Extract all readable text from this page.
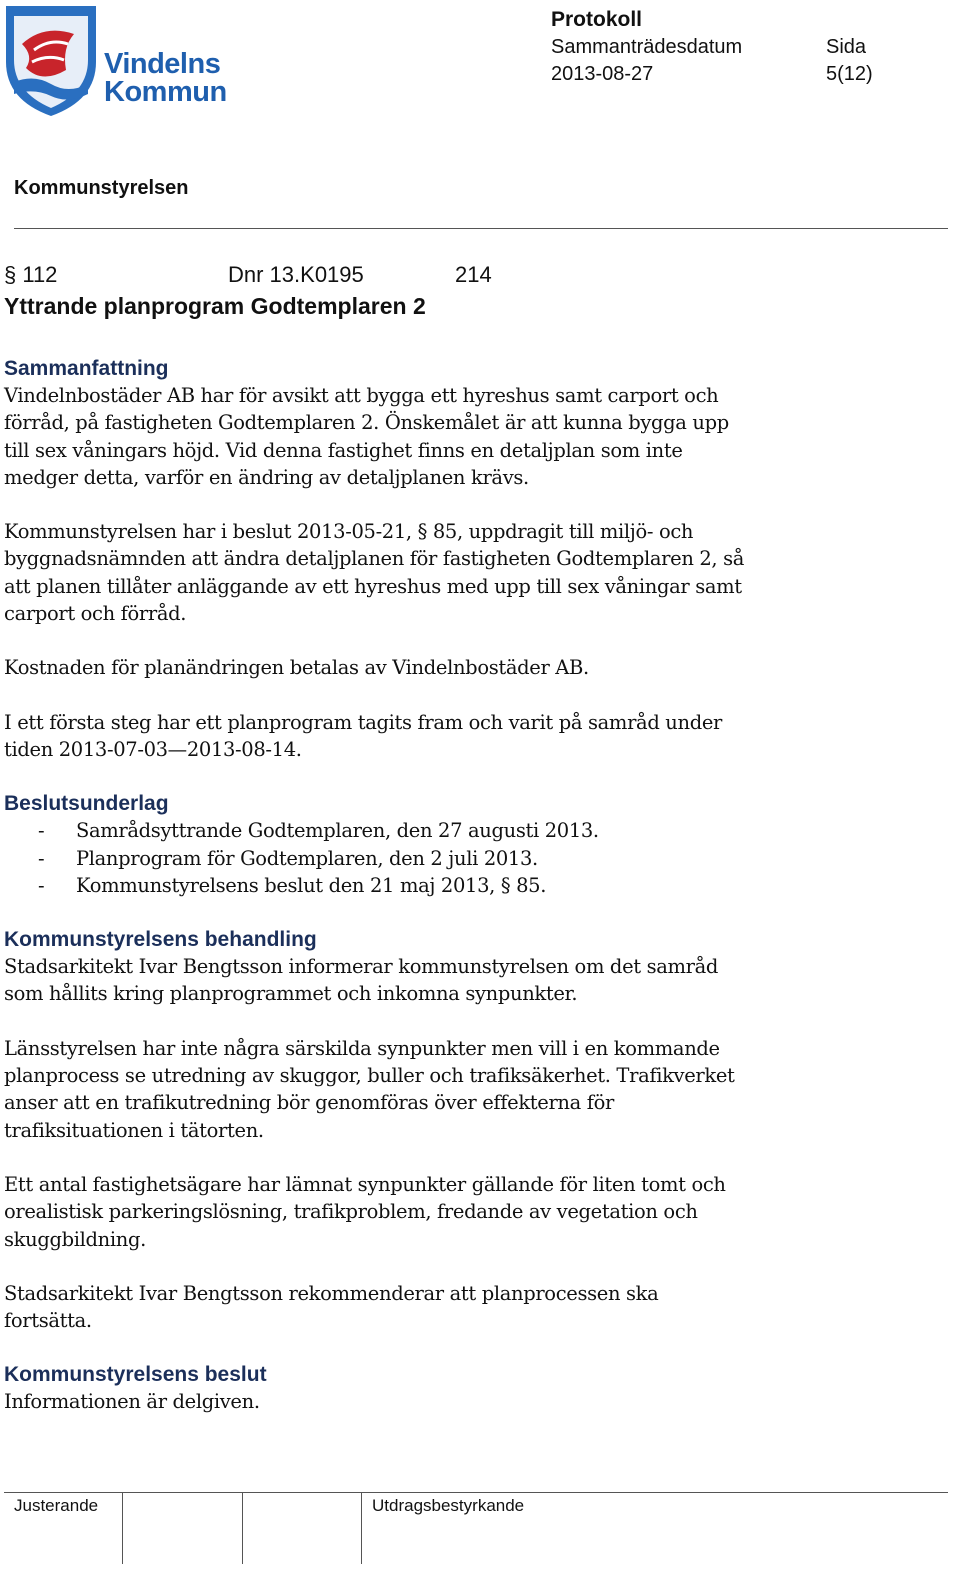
Vindelns
Kommun
Protokoll
Sammanträdesdatum
2013-08-27
Sida
5(12)
Kommunstyrelsen
§ 112	Dnr 13.K0195	214
Yttrande planprogram Godtemplaren 2

Sammanfattning

Vindelnbostäder AB har för avsikt att bygga ett hyreshus samt carport och

förråd, på fastigheten Godtemplaren 2. Önskemålet är att kunna bygga upp

till sex våningars höjd. Vid denna fastighet finns en detaljplan som inte

medger detta, varför en ändring av detaljplanen krävs.

Kommunstyrelsen har i beslut 2013-05-21, § 85, uppdragit till miljö- och

byggnadsnämnden att ändra detaljplanen för fastigheten Godtemplaren 2, så

att planen tillåter anläggande av ett hyreshus med upp till sex våningar samt

carport och förråd.

Kostnaden för planändringen betalas av Vindelnbostäder AB.

I ett första steg har ett planprogram tagits fram och varit på samråd under

tiden 2013-07-03—2013-08-14.

Beslutsunderlag

- Samrådsyttrande Godtemplaren, den 27 augusti 2013.
- Planprogram för Godtemplaren, den 2 juli 2013.
- Kommunstyrelsens beslut den 21 maj 2013, § 85.

Kommunstyrelsens behandling

Stadsarkitekt Ivar Bengtsson informerar kommunstyrelsen om det samråd

som hållits kring planprogrammet och inkomna synpunkter.

Länsstyrelsen har inte några särskilda synpunkter men vill i en kommande

planprocess se utredning av skuggor, buller och trafiksäkerhet. Trafikverket

anser att en trafikutredning bör genomföras över effekterna för

trafiksituationen i tätorten.

Ett antal fastighetsägare har lämnat synpunkter gällande för liten tomt och

orealistisk parkeringslösning, trafikproblem, fredande av vegetation och

skuggbildning.

Stadsarkitekt Ivar Bengtsson rekommenderar att planprocessen ska

fortsätta.

Kommunstyrelsens beslut

Informationen är delgiven.

Justerande	Utdragsbestyrkande
